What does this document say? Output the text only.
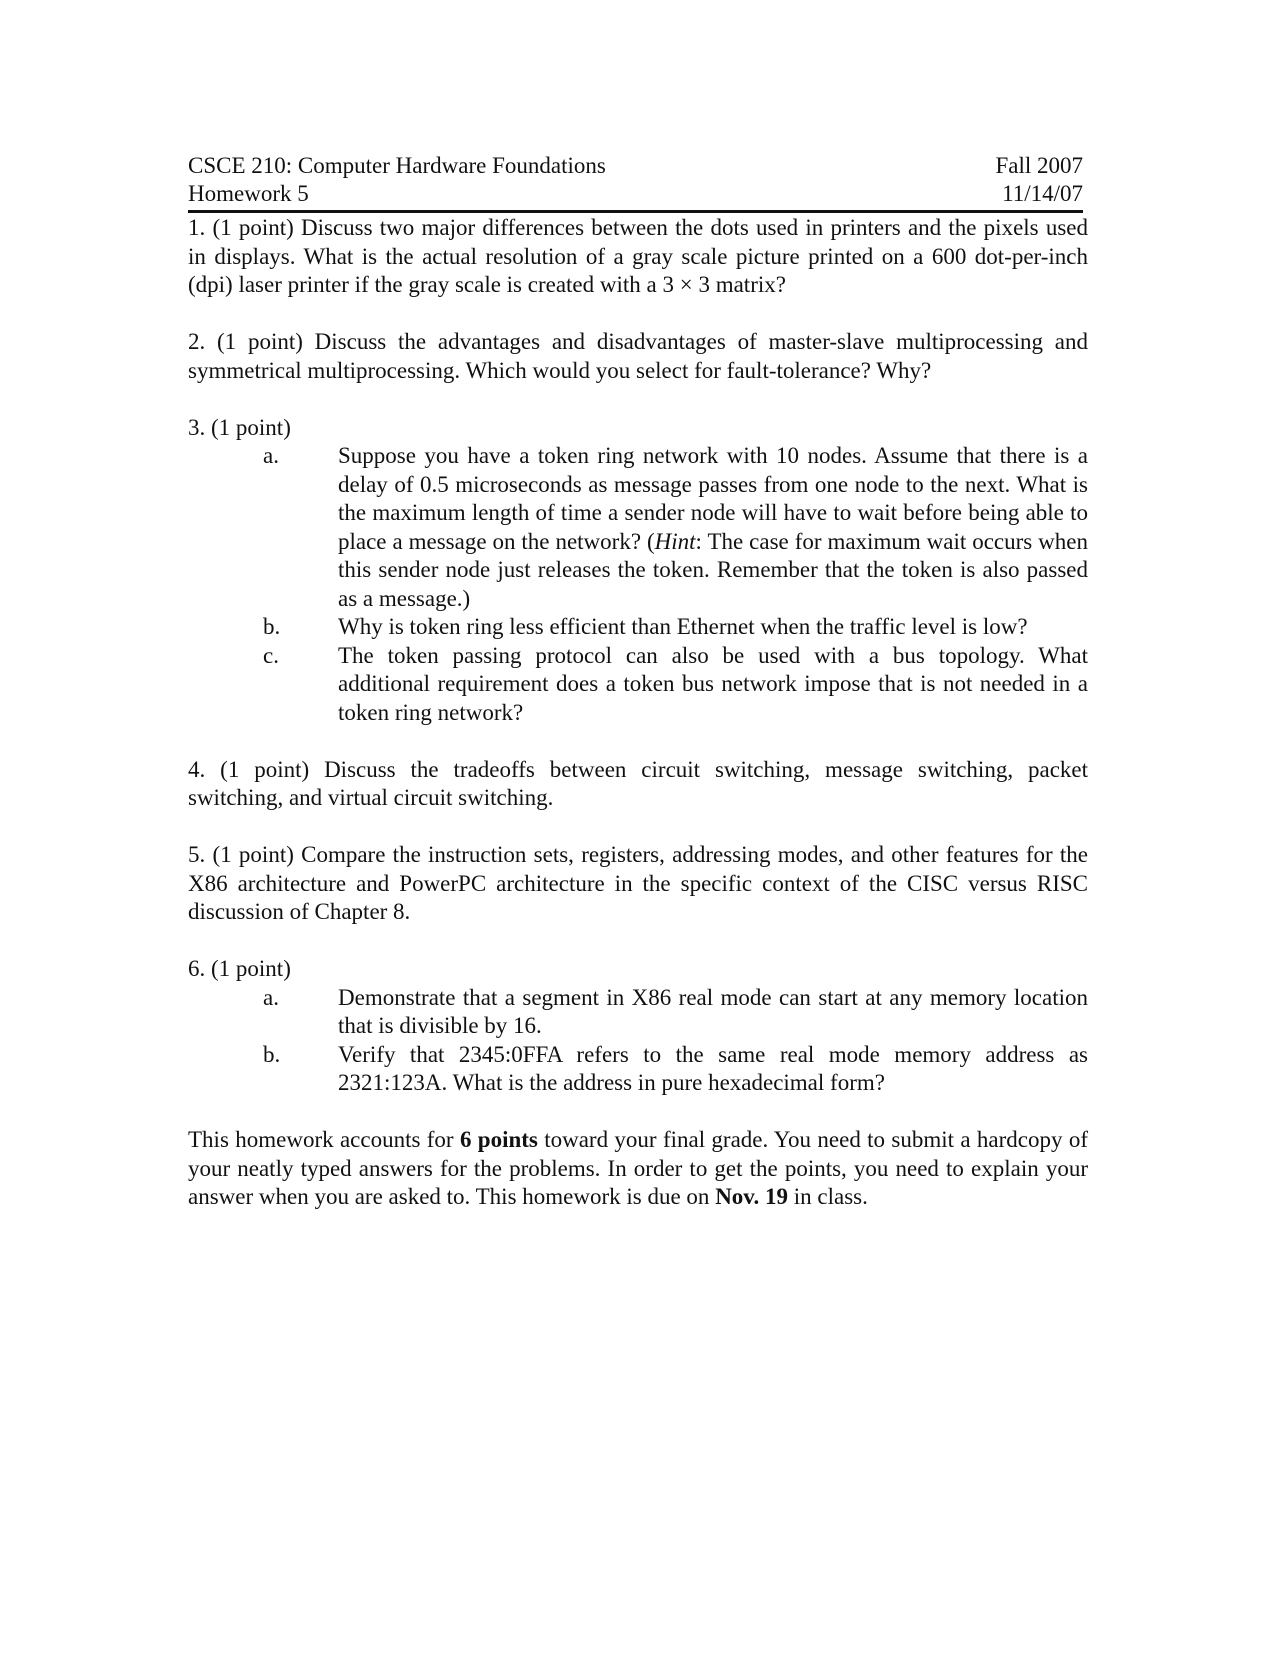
CSCE 210: Computer Hardware Foundations	Fall 2007
Homework 5	11/14/07

1. (1 point) Discuss two major differences between the dots used in printers and the pixels used in displays. What is the actual resolution of a gray scale picture printed on a 600 dot-per-inch (dpi) laser printer if the gray scale is created with a 3 × 3 matrix?

2. (1 point) Discuss the advantages and disadvantages of master-slave multiprocessing and symmetrical multiprocessing. Which would you select for fault-tolerance? Why?

3. (1 point)

a.	Suppose you have a token ring network with 10 nodes. Assume that there is a delay of 0.5 microseconds as message passes from one node to the next. What is the maximum length of time a sender node will have to wait before being able to place a message on the network? (Hint: The case for maximum wait occurs when this sender node just releases the token. Remember that the token is also passed as a message.)
b.	Why is token ring less efficient than Ethernet when the traffic level is low?
c.	The token passing protocol can also be used with a bus topology. What additional requirement does a token bus network impose that is not needed in a token ring network?

4. (1 point) Discuss the tradeoffs between circuit switching, message switching, packet switching, and virtual circuit switching.

5. (1 point) Compare the instruction sets, registers, addressing modes, and other features for the X86 architecture and PowerPC architecture in the specific context of the CISC versus RISC discussion of Chapter 8.

6. (1 point)

a.	Demonstrate that a segment in X86 real mode can start at any memory location that is divisible by 16.
b.	Verify that 2345:0FFA refers to the same real mode memory address as 2321:123A. What is the address in pure hexadecimal form?

This homework accounts for 6 points toward your final grade. You need to submit a hardcopy of your neatly typed answers for the problems. In order to get the points, you need to explain your answer when you are asked to. This homework is due on Nov. 19 in class.
